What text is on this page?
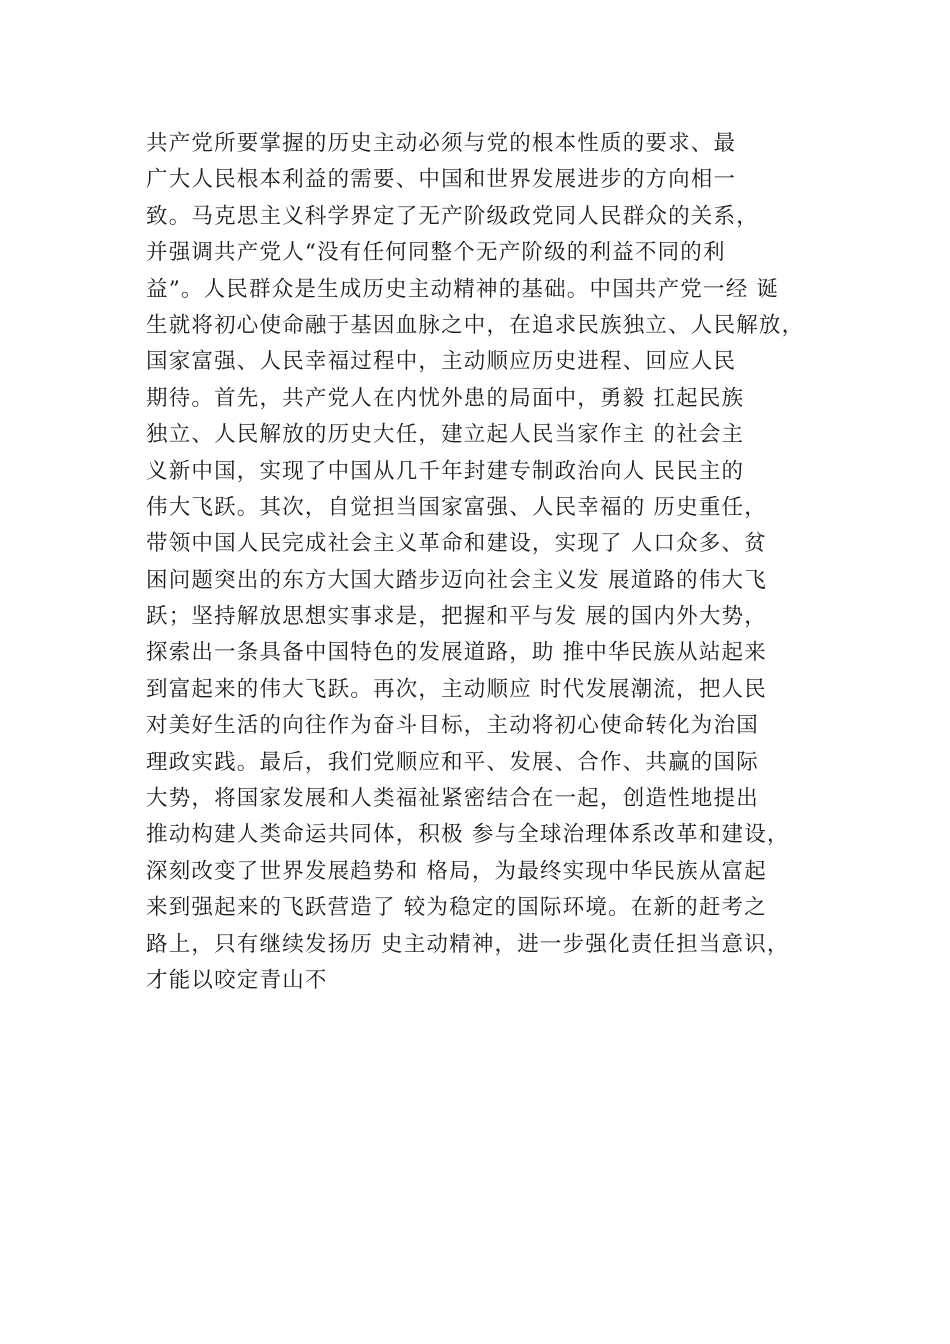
共产党所要掌握的历史主动必须与党的根本性质的要求、最
广大人民根本利益的需要、中国和世界发展进步的方向相一
致。马克思主义科学界定了无产阶级政党同人民群众的关系，
并强调共产党人“没有任何同整个无产阶级的利益不同的利
益”。人民群众是生成历史主动精神的基础。中国共产党一经 诞
生就将初心使命融于基因血脉之中，在追求民族独立、人民解放，
国家富强、人民幸福过程中，主动顺应历史进程、回应人民
期待。首先，共产党人在内忧外患的局面中，勇毅 扛起民族
独立、人民解放的历史大任，建立起人民当家作主 的社会主
义新中国，实现了中国从几千年封建专制政治向人 民民主的
伟大飞跃。其次，自觉担当国家富强、人民幸福的 历史重任，
带领中国人民完成社会主义革命和建设，实现了 人口众多、贫
困问题突出的东方大国大踏步迈向社会主义发 展道路的伟大飞
跃；坚持解放思想实事求是，把握和平与发 展的国内外大势，
探索出一条具备中国特色的发展道路，助 推中华民族从站起来
到富起来的伟大飞跃。再次，主动顺应 时代发展潮流，把人民
对美好生活的向往作为奋斗目标，主动将初心使命转化为治国
理政实践。最后，我们党顺应和平、发展、合作、共赢的国际
大势，将国家发展和人类福祉紧密结合在一起，创造性地提出
推动构建人类命运共同体，积极 参与全球治理体系改革和建设，
深刻改变了世界发展趋势和 格局，为最终实现中华民族从富起
来到强起来的飞跃营造了 较为稳定的国际环境。在新的赶考之
路上，只有继续发扬历 史主动精神，进一步强化责任担当意识，
才能以咬定青山不
